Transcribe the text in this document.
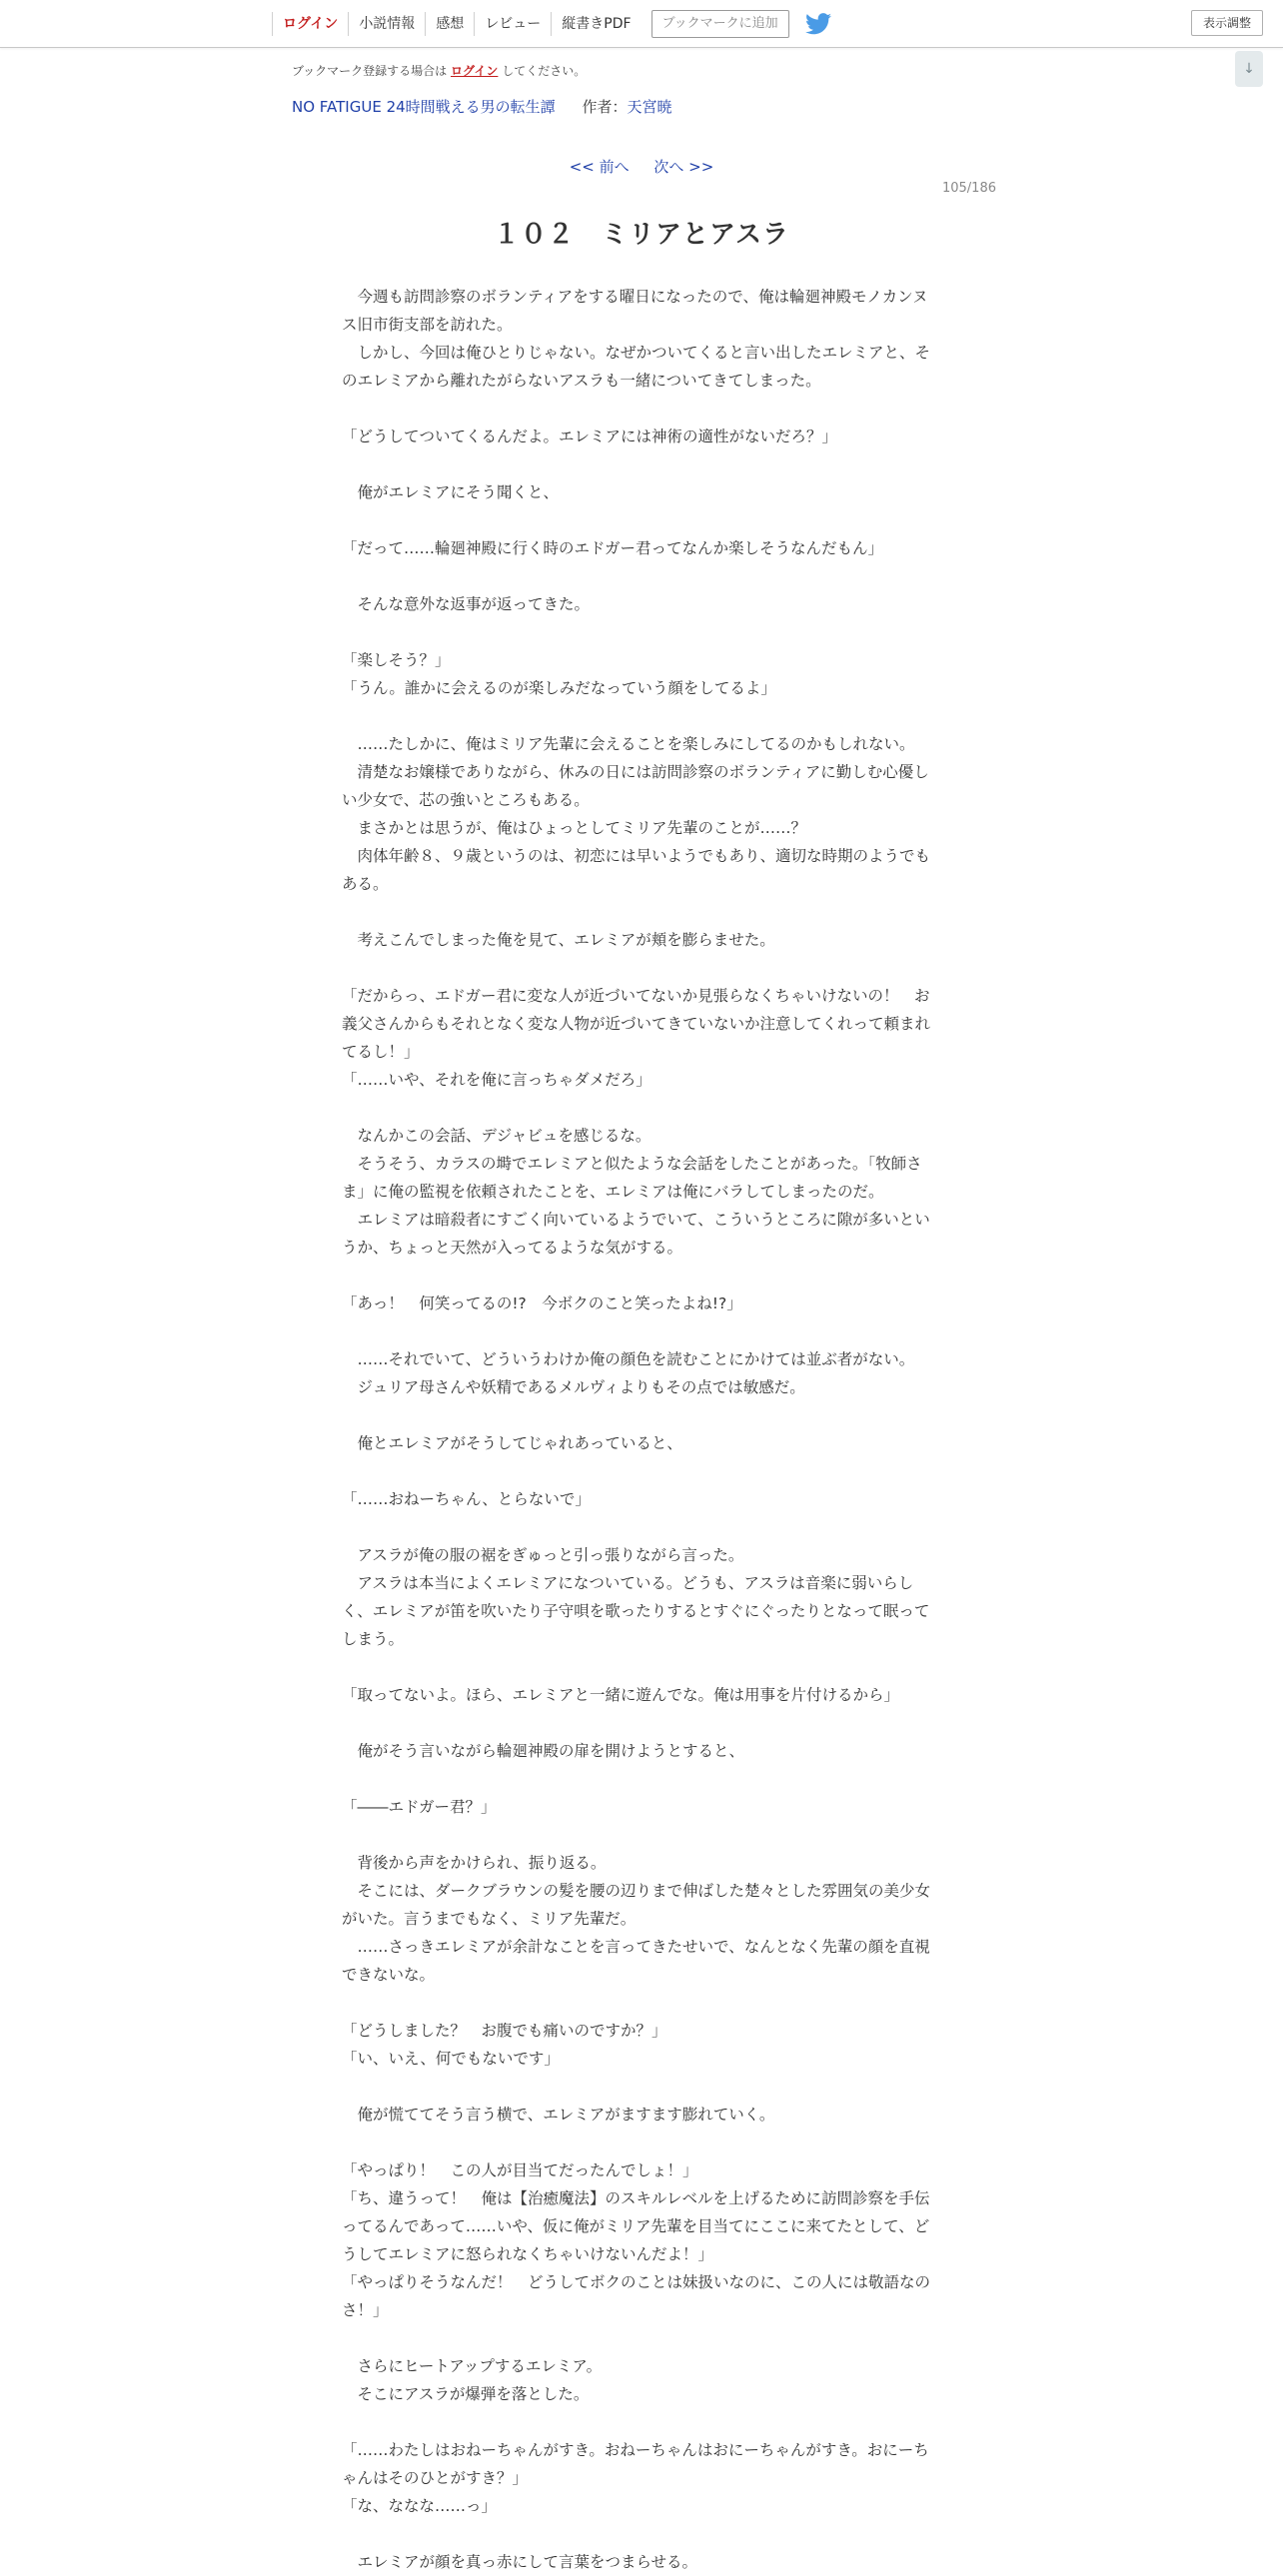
ログイン	小説情報	感想	レビュー	縦書きPDF	ブックマークに追加	表示調整
↓
ブックマーク登録する場合は ログイン してください。
NO FATIGUE 24時間戦える男の転生譚 作者：天宮暁
<< 前へ 次へ >>
105/186
１０２　ミリアとアスラ

　今週も訪問診察のボランティアをする曜日になったので、俺は輪廻神殿モノカンヌス旧市街支部を訪れた。

　しかし、今回は俺ひとりじゃない。なぜかついてくると言い出したエレミアと、そのエレミアから離れたがらないアスラも一緒についてきてしまった。

「どうしてついてくるんだよ。エレミアには神術の適性がないだろ？」

　俺がエレミアにそう聞くと、

「だって……輪廻神殿に行く時のエドガー君ってなんか楽しそうなんだもん」

　そんな意外な返事が返ってきた。

「楽しそう？」

「うん。誰かに会えるのが楽しみだなっていう顔をしてるよ」

　……たしかに、俺はミリア先輩に会えることを楽しみにしてるのかもしれない。

　清楚なお嬢様でありながら、休みの日には訪問診察のボランティアに勤しむ心優しい少女で、芯の強いところもある。

　まさかとは思うが、俺はひょっとしてミリア先輩のことが……？

　肉体年齢８、９歳というのは、初恋には早いようでもあり、適切な時期のようでもある。

　考えこんでしまった俺を見て、エレミアが頬を膨らませた。

「だからっ、エドガー君に変な人が近づいてないか見張らなくちゃいけないの！　お義父さんからもそれとなく変な人物が近づいてきていないか注意してくれって頼まれてるし！」

「……いや、それを俺に言っちゃダメだろ」

　なんかこの会話、デジャビュを感じるな。

　そうそう、カラスの塒でエレミアと似たような会話をしたことがあった。「牧師さま」に俺の監視を依頼されたことを、エレミアは俺にバラしてしまったのだ。

　エレミアは暗殺者にすごく向いているようでいて、こういうところに隙が多いというか、ちょっと天然が入ってるような気がする。

「あっ！　何笑ってるの!?　今ボクのこと笑ったよね!?」

　……それでいて、どういうわけか俺の顔色を読むことにかけては並ぶ者がない。

　ジュリア母さんや妖精であるメルヴィよりもその点では敏感だ。

　俺とエレミアがそうしてじゃれあっていると、

「……おねーちゃん、とらないで」

　アスラが俺の服の裾をぎゅっと引っ張りながら言った。

　アスラは本当によくエレミアになついている。どうも、アスラは音楽に弱いらしく、エレミアが笛を吹いたり子守唄を歌ったりするとすぐにぐったりとなって眠ってしまう。

「取ってないよ。ほら、エレミアと一緒に遊んでな。俺は用事を片付けるから」

　俺がそう言いながら輪廻神殿の扉を開けようとすると、

「――エドガー君？」

　背後から声をかけられ、振り返る。

　そこには、ダークブラウンの髪を腰の辺りまで伸ばした楚々とした雰囲気の美少女がいた。言うまでもなく、ミリア先輩だ。

　……さっきエレミアが余計なことを言ってきたせいで、なんとなく先輩の顔を直視できないな。

「どうしました？　お腹でも痛いのですか？」

「い、いえ、何でもないです」

　俺が慌ててそう言う横で、エレミアがますます膨れていく。

「やっぱり！　この人が目当てだったんでしょ！」

「ち、違うって！　俺は【治癒魔法】のスキルレベルを上げるために訪問診察を手伝ってるんであって……いや、仮に俺がミリア先輩を目当てにここに来てたとして、どうしてエレミアに怒られなくちゃいけないんだよ！」

「やっぱりそうなんだ！　どうしてボクのことは妹扱いなのに、この人には敬語なのさ！」

　さらにヒートアップするエレミア。

　そこにアスラが爆弾を落とした。

「……わたしはおねーちゃんがすき。おねーちゃんはおにーちゃんがすき。おにーちゃんはそのひとがすき？」

「な、ななな……っ」

　エレミアが顔を真っ赤にして言葉をつまらせる。
